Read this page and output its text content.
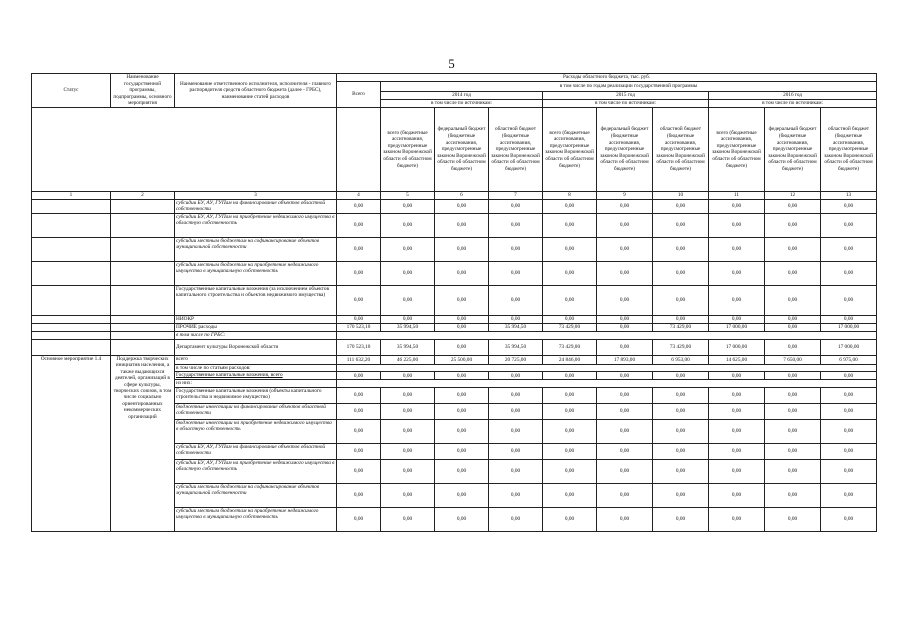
5
Статус	Наименование государственной программы, подпрограммы, основного мероприятия	Наименование ответственного исполнителя, исполнителя - главного распорядителя средств областного бюджета (далее - ГРБС), наименование статей расходов	Расходы областного бюджета, тыс. руб.									
			Всего	в том числе по годам реализации государственной программы								
				2014 год			2015 год			2016 год		
				в том числе по источникам:			в том числе по источникам:			в том числе по источникам:		
				всего (бюджетные ассигнования, предусмотренные законом Воронежской области об областном бюджете)	федеральный бюджет (бюджетные ассигнования, предусмотренные законом Воронежской области об областном бюджете)	областной бюджет (бюджетные ассигнования, предусмотренные законом Воронежской области об областном бюджете)	всего (бюджетные ассигнования, предусмотренные законом Воронежской области об областном бюджете)	федеральный бюджет (бюджетные ассигнования, предусмотренные законом Воронежской области об областном бюджете)	областной бюджет (бюджетные ассигнования, предусмотренные законом Воронежской области об областном бюджете)	всего (бюджетные ассигнования, предусмотренные законом Воронежской области об областном бюджете)	федеральный бюджет (бюджетные ассигнования, предусмотренные законом Воронежской области об областном бюджете)	областной бюджет (бюджетные ассигнования, предусмотренные законом Воронежской области об областном бюджете)
1	2	3	4	5	6	7	8	9	10	11	12	13
		субсидии БУ, АУ, ГУПам на финансирование объектов областной собственности	0,00	0,00	0,00	0,00	0,00	0,00	0,00	0,00	0,00	0,00
		субсидии БУ, АУ, ГУПам на приобретение недвижимого имущества в областную собственность	0,00	0,00	0,00	0,00	0,00	0,00	0,00	0,00	0,00	0,00
		субсидии местным бюджетам на софинансирование объектов муниципальной собственности	0,00	0,00	0,00	0,00	0,00	0,00	0,00	0,00	0,00	0,00
		субсидии местным бюджетам на приобретение недвижимого имущества в муниципальную собственность	0,00	0,00	0,00	0,00	0,00	0,00	0,00	0,00	0,00	0,00
		Государственные капитальные вложения (за исключением объектов капитального строительства и объектов недвижимого имущества)	0,00	0,00	0,00	0,00	0,00	0,00	0,00	0,00	0,00	0,00
		НИОКР	0,00	0,00	0,00	0,00	0,00	0,00	0,00	0,00	0,00	0,00
		ПРОЧИЕ расходы	170 523,10	35 994,50	0,00	35 994,50	73 429,00	0,00	73 429,00	17 000,00	0,00	17 000,00
		в том числе по ГРБС:										
		Департамент культуры Воронежской области	170 523,10	35 994,50	0,00	35 994,50	73 429,00	0,00	73 429,00	17 000,00	0,00	17 000,00
Основное мероприятие 1.4	Поддержка творческих инициатив населения, а также выдающихся деятелей, организаций в сфере культуры, творческих союзов, в том числе социально ориентированных некоммерческих организаций	всего	111 632,20	46 225,00	25 500,00	20 725,00	24 846,00	17 893,00	6 953,00	14 625,00	7 650,00	6 975,00
		в том числе по статьям расходов:										
		Государственные капитальные вложения, всего	0,00	0,00	0,00	0,00	0,00	0,00	0,00	0,00	0,00	0,00
		из них:										
		Государственные капитальные вложения (объекты капитального строительства и недвижимое имущество)	0,00	0,00	0,00	0,00	0,00	0,00	0,00	0,00	0,00	0,00
		бюджетные инвестиции на финансирование объектов областной собственности	0,00	0,00	0,00	0,00	0,00	0,00	0,00	0,00	0,00	0,00
		бюджетные инвестиции на приобретение недвижимого имущества в областную собственность	0,00	0,00	0,00	0,00	0,00	0,00	0,00	0,00	0,00	0,00
		субсидии БУ, АУ, ГУПам на финансирование объектов областной собственности	0,00	0,00	0,00	0,00	0,00	0,00	0,00	0,00	0,00	0,00
		субсидии БУ, АУ, ГУПам на приобретение недвижимого имущества в областную собственность	0,00	0,00	0,00	0,00	0,00	0,00	0,00	0,00	0,00	0,00
		субсидии местным бюджетам на софинансирование объектов муниципальной собственности	0,00	0,00	0,00	0,00	0,00	0,00	0,00	0,00	0,00	0,00
		субсидии местным бюджетам на приобретение недвижимого имущества в муниципальную собственность	0,00	0,00	0,00	0,00	0,00	0,00	0,00	0,00	0,00	0,00
